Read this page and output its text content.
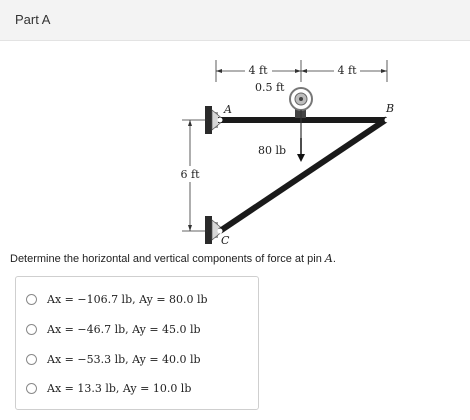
Part A
4 ft	4 ft
0.5 ft
6 ft
80 lb
A	B
C
Determine the horizontal and vertical components of force at pin A.
Ax = −106.7 lb, Ay = 80.0 lb
Ax = −46.7 lb, Ay = 45.0 lb
Ax = −53.3 lb, Ay = 40.0 lb
Ax = 13.3 lb, Ay = 10.0 lb
